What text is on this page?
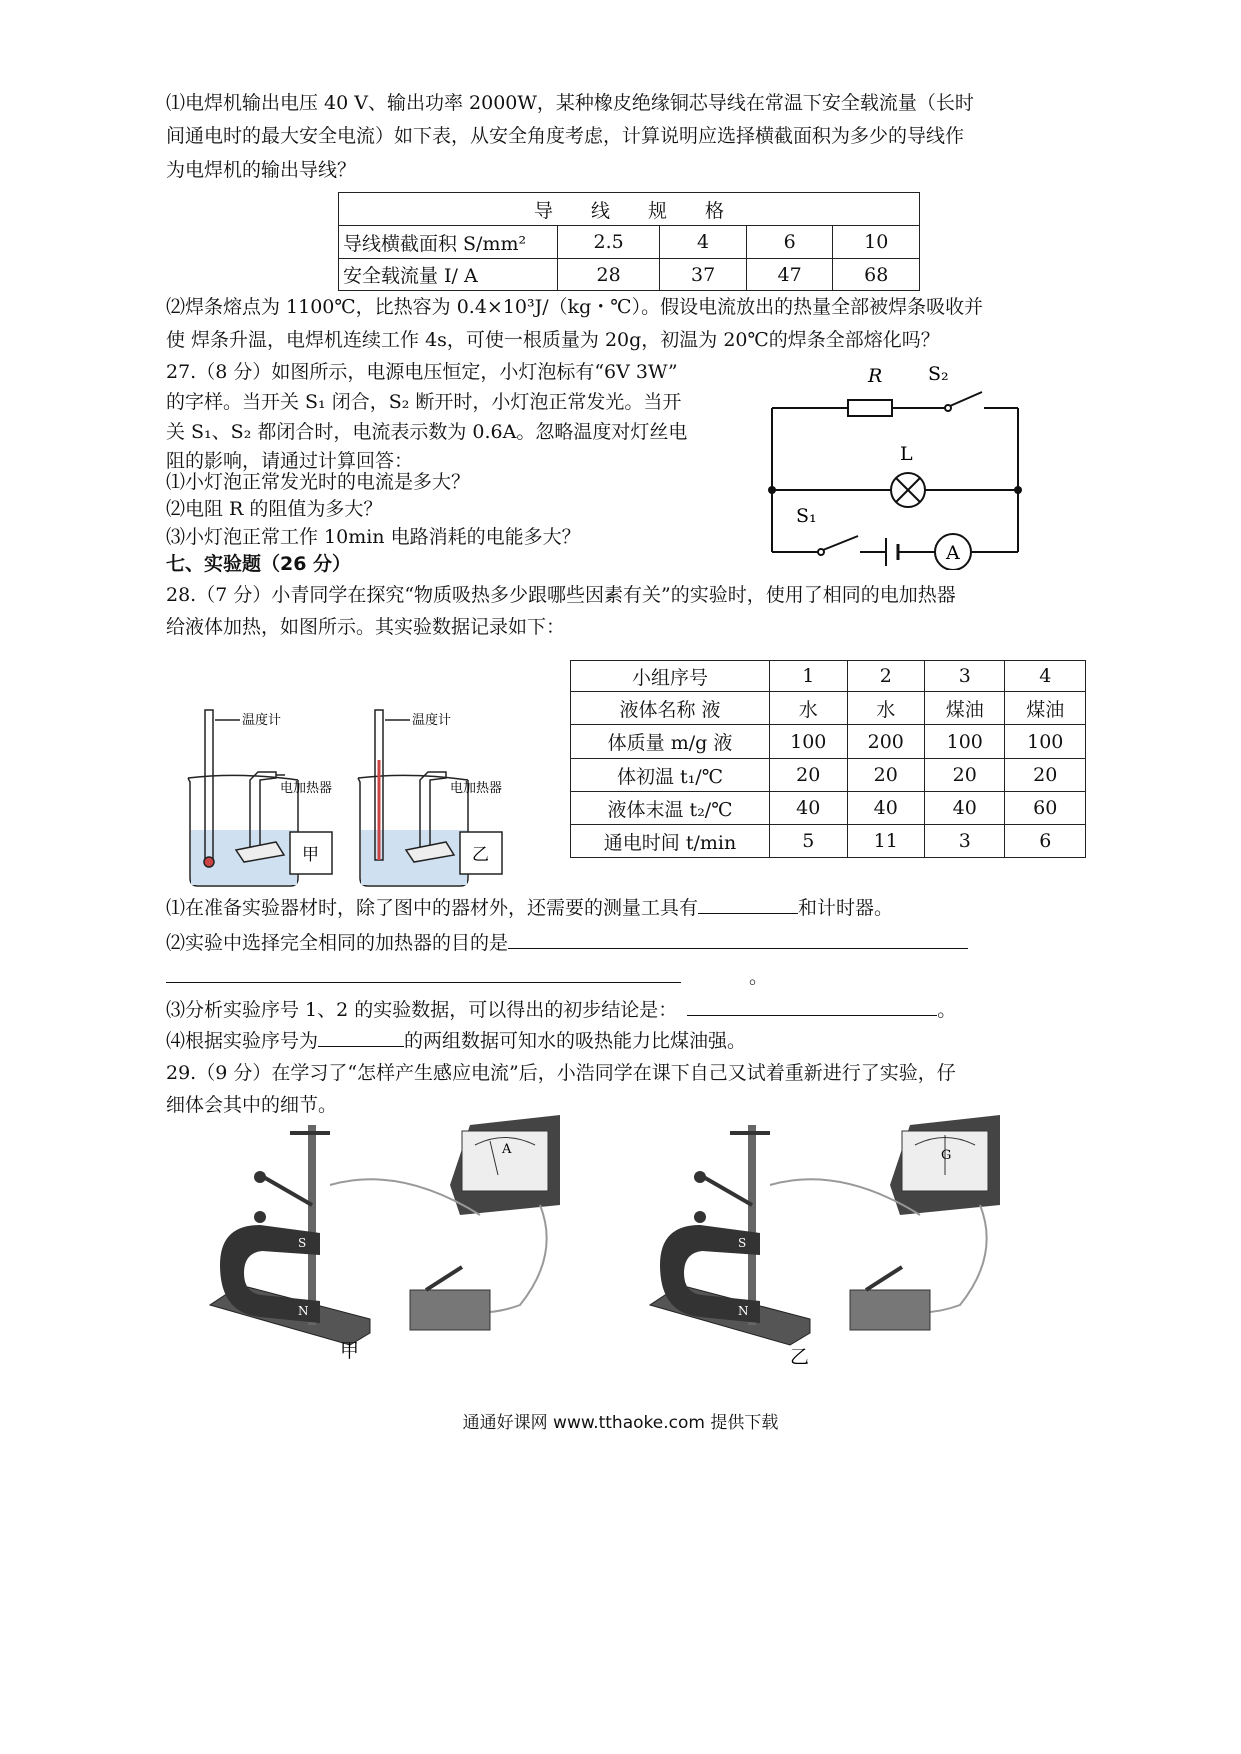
⑴电焊机输出电压 40 V、输出功率 2000W，某种橡皮绝缘铜芯导线在常温下安全载流量（长时
间通电时的最大安全电流）如下表，从安全角度考虑，计算说明应选择横截面积为多少的导线作
为电焊机的输出导线？
导　　线　　规　　格				
导线横截面积 S/mm²	2.5	4	6	10
安全载流量 I/ A	28	37	47	68
⑵焊条熔点为 1100℃，比热容为 0.4×10³J/（kg・℃）。假设电流放出的热量全部被焊条吸收并
使 焊条升温，电焊机连续工作 4s，可使一根质量为 20g，初温为 20℃的焊条全部熔化吗？
27.（8 分）如图所示，电源电压恒定，小灯泡标有“6V 3W”
的字样。当开关 S₁ 闭合，S₂ 断开时，小灯泡正常发光。当开
关 S₁、S₂ 都闭合时，电流表示数为 0.6A。忽略温度对灯丝电
阻的影响，请通过计算回答：
⑴小灯泡正常发光时的电流是多大？
⑵电阻 R 的阻值为多大？
⑶小灯泡正常工作 10min 电路消耗的电能多大？
R S₂
L
S₁
A
七、实验题（26 分）
28.（7 分）小青同学在探究“物质吸热多少跟哪些因素有关”的实验时，使用了相同的电加热器
给液体加热，如图所示。其实验数据记录如下：
温度计
电加热器
温度计
电加热器
甲	乙
小组序号	1	2	3	4
液体名称 液	水	水	煤油	煤油
体质量 m/g 液	100	200	100	100
体初温 t₁/℃	20	20	20	20
液体末温 t₂/℃	40	40	40	60
通电时间 t/min	5	11	3	6
⑴在准备实验器材时，除了图中的器材外，还需要的测量工具有	和计时器。
⑵实验中选择完全相同的加热器的目的是
。
⑶分析实验序号 1、2 的实验数据，可以得出的初步结论是：	。
⑷根据实验序号为	的两组数据可知水的吸热能力比煤油强。
29.（9 分）在学习了“怎样产生感应电流”后，小浩同学在课下自己又试着重新进行了实验，仔
细体会其中的细节。
S
N
A
甲
S
N
G
乙
通通好课网 www.tthaoke.com 提供下载
